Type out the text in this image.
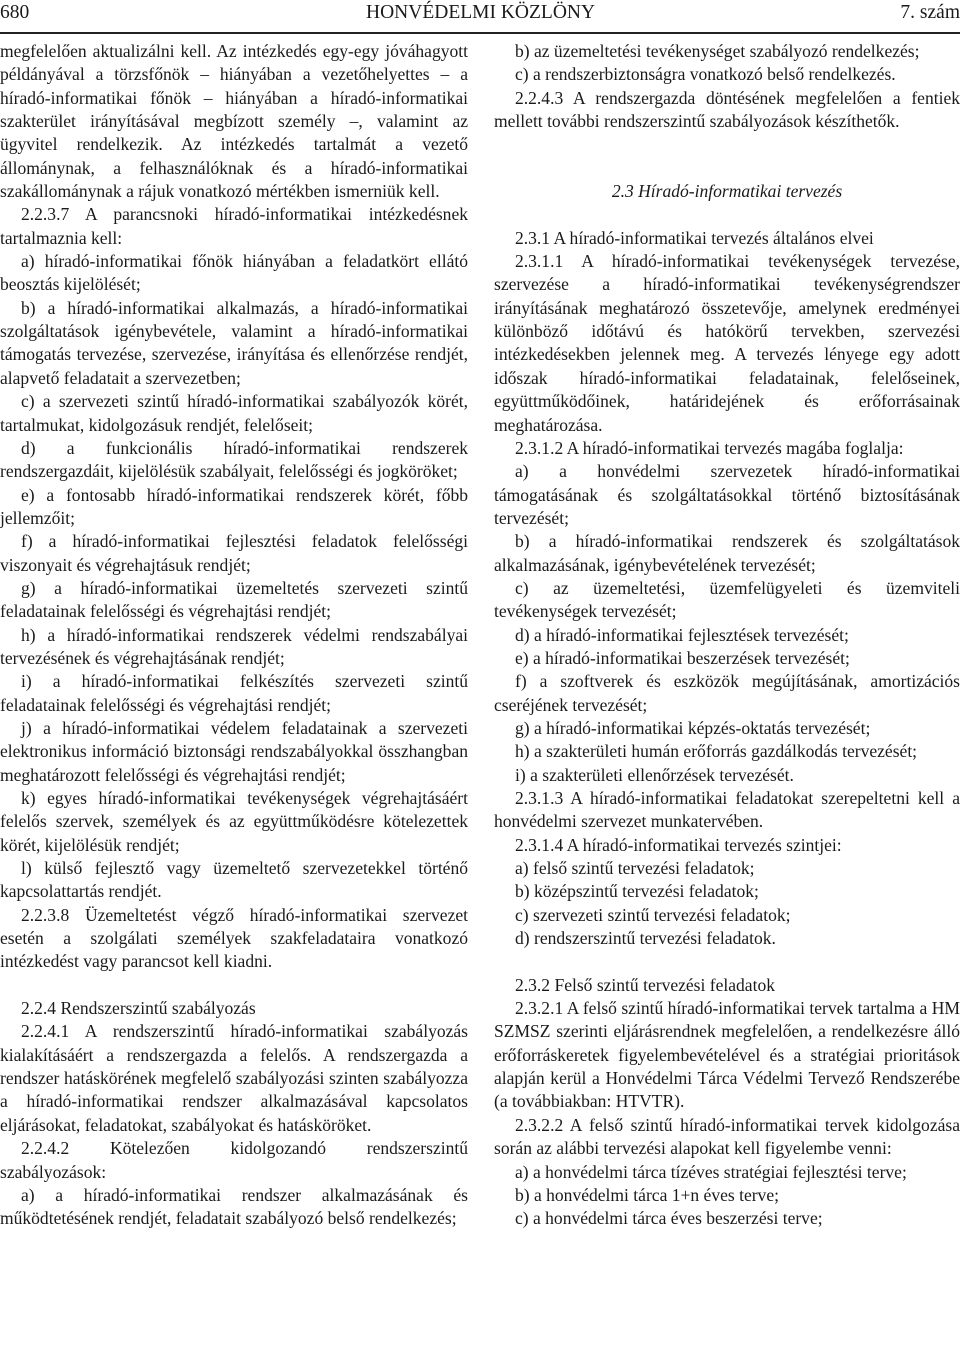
680	HONVÉDELMI KÖZLÖNY	7. szám

megfelelően aktualizálni kell. Az intézkedés egy-egy jóváhagyott példányával a törzsfőnök – hiányában a vezetőhelyettes – a híradó-informatikai főnök – hiányában a híradó-informatikai szakterület irányításával megbízott személy –, valamint az ügyvitel rendelkezik. Az intézkedés tartalmát a vezető állománynak, a felhasználóknak és a híradó-informatikai szakállománynak a rájuk vonatkozó mértékben ismerniük kell.

2.2.3.7 A parancsnoki híradó-informatikai intézkedésnek tartalmaznia kell:

a) híradó-informatikai főnök hiányában a feladatkört ellátó beosztás kijelölését;

b) a híradó-informatikai alkalmazás, a híradó-informatikai szolgáltatások igénybevétele, valamint a híradó-informatikai támogatás tervezése, szervezése, irányítása és ellenőrzése rendjét, alapvető feladatait a szervezetben;

c) a szervezeti szintű híradó-informatikai szabályozók körét, tartalmukat, kidolgozásuk rendjét, felelőseit;

d) a funkcionális híradó-informatikai rendszerek rendszergazdáit, kijelölésük szabályait, felelősségi és jogköröket;

e) a fontosabb híradó-informatikai rendszerek körét, főbb jellemzőit;

f) a híradó-informatikai fejlesztési feladatok felelősségi viszonyait és végrehajtásuk rendjét;

g) a híradó-informatikai üzemeltetés szervezeti szintű feladatainak felelősségi és végrehajtási rendjét;

h) a híradó-informatikai rendszerek védelmi rendszabályai tervezésének és végrehajtásának rendjét;

i) a híradó-informatikai felkészítés szervezeti szintű feladatainak felelősségi és végrehajtási rendjét;

j) a híradó-informatikai védelem feladatainak a szervezeti elektronikus információ biztonsági rendszabályokkal összhangban meghatározott felelősségi és végrehajtási rendjét;

k) egyes híradó-informatikai tevékenységek végrehajtásáért felelős szervek, személyek és az együttműködésre kötelezettek körét, kijelölésük rendjét;

l) külső fejlesztő vagy üzemeltető szervezetekkel történő kapcsolattartás rendjét.

2.2.3.8 Üzemeltetést végző híradó-informatikai szervezet esetén a szolgálati személyek szakfeladataira vonatkozó intézkedést vagy parancsot kell kiadni.

2.2.4 Rendszerszintű szabályozás

2.2.4.1 A rendszerszintű híradó-informatikai szabályozás kialakításáért a rendszergazda a felelős. A rendszergazda a rendszer hatáskörének megfelelő szabályozási szinten szabályozza a híradó-informatikai rendszer alkalmazásával kapcsolatos eljárásokat, feladatokat, szabályokat és hatásköröket.

2.2.4.2 Kötelezően kidolgozandó rendszerszintű szabályozások:

a) a híradó-informatikai rendszer alkalmazásának és működtetésének rendjét, feladatait szabályozó belső rendelkezés;

b) az üzemeltetési tevékenységet szabályozó rendelkezés;

c) a rendszerbiztonságra vonatkozó belső rendelkezés.

2.2.4.3 A rendszergazda döntésének megfelelően a fentiek mellett további rendszerszintű szabályozások készíthetők.

2.3 Híradó-informatikai tervezés

2.3.1 A híradó-informatikai tervezés általános elvei

2.3.1.1 A híradó-informatikai tevékenységek tervezése, szervezése a híradó-informatikai tevékenységrendszer irányításának meghatározó összetevője, amelynek eredményei különböző időtávú és hatókörű tervekben, szervezési intézkedésekben jelennek meg. A tervezés lényege egy adott időszak híradó-informatikai feladatainak, felelőseinek, együttműködőinek, határidejének és erőforrásainak meghatározása.

2.3.1.2 A híradó-informatikai tervezés magába foglalja:

a) a honvédelmi szervezetek híradó-informatikai támogatásának és szolgáltatásokkal történő biztosításának tervezését;

b) a híradó-informatikai rendszerek és szolgáltatások alkalmazásának, igénybevételének tervezését;

c) az üzemeltetési, üzemfelügyeleti és üzemviteli tevékenységek tervezését;

d) a híradó-informatikai fejlesztések tervezését;

e) a híradó-informatikai beszerzések tervezését;

f) a szoftverek és eszközök megújításának, amortizációs cseréjének tervezését;

g) a híradó-informatikai képzés-oktatás tervezését;

h) a szakterületi humán erőforrás gazdálkodás tervezését;

i) a szakterületi ellenőrzések tervezését.

2.3.1.3 A híradó-informatikai feladatokat szerepeltetni kell a honvédelmi szervezet munkatervében.

2.3.1.4 A híradó-informatikai tervezés szintjei:

a) felső szintű tervezési feladatok;

b) középszintű tervezési feladatok;

c) szervezeti szintű tervezési feladatok;

d) rendszerszintű tervezési feladatok.

2.3.2 Felső szintű tervezési feladatok

2.3.2.1 A felső szintű híradó-informatikai tervek tartalma a HM SZMSZ szerinti eljárásrendnek megfelelően, a rendelkezésre álló erőforráskeretek figyelembevételével és a stratégiai prioritások alapján kerül a Honvédelmi Tárca Védelmi Tervező Rendszerébe (a továbbiakban: HTVTR).

2.3.2.2 A felső szintű híradó-informatikai tervek kidolgozása során az alábbi tervezési alapokat kell figyelembe venni:

a) a honvédelmi tárca tízéves stratégiai fejlesztési terve;

b) a honvédelmi tárca 1+n éves terve;

c) a honvédelmi tárca éves beszerzési terve;
